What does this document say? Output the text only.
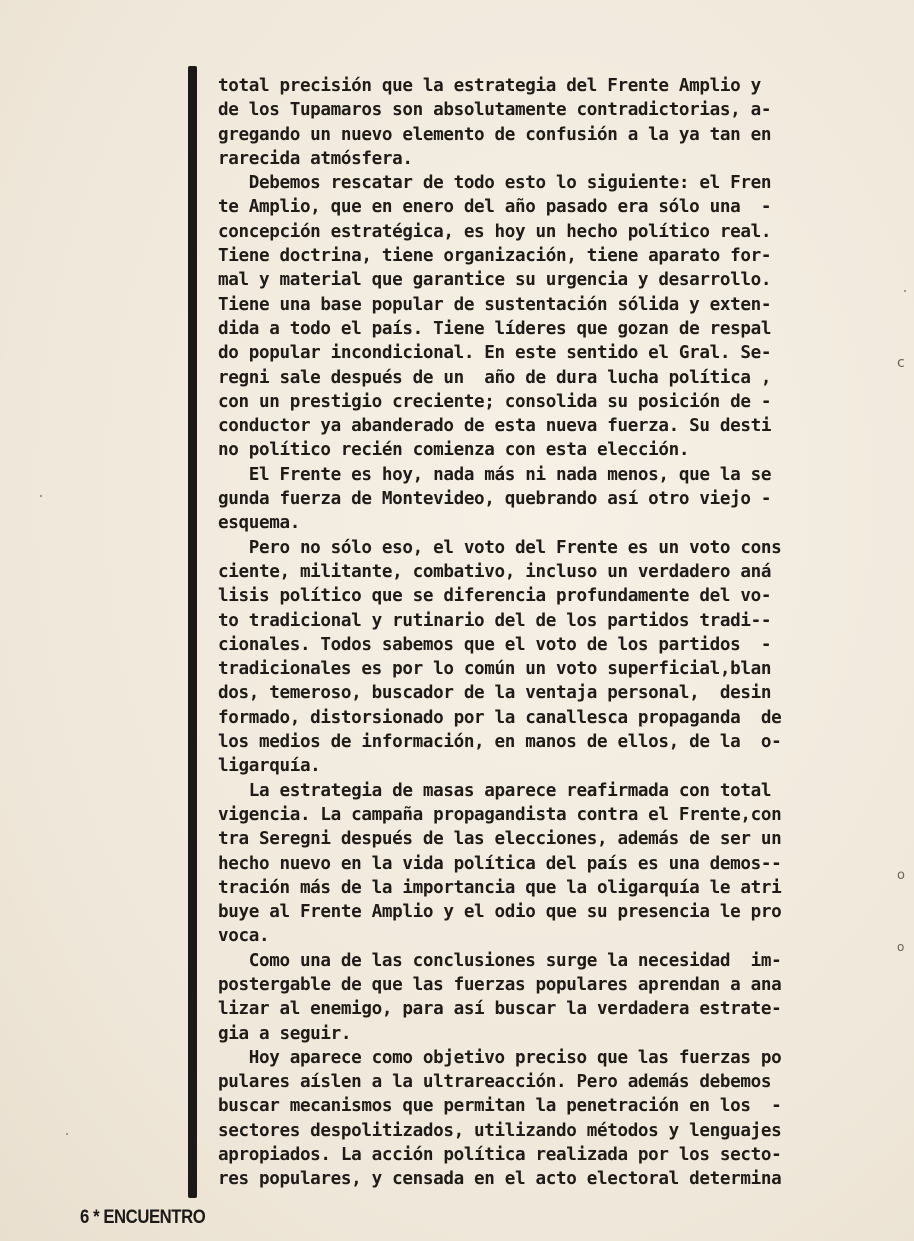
total precisión que la estrategia del Frente Amplio y
de los Tupamaros son absolutamente contradictorias, a-
gregando un nuevo elemento de confusión a la ya tan en
rarecida atmósfera.
Debemos rescatar de todo esto lo siguiente: el Fren
te Amplio, que en enero del año pasado era sólo una  -
concepción estratégica, es hoy un hecho político real.
Tiene doctrina, tiene organización, tiene aparato for-
mal y material que garantice su urgencia y desarrollo.
Tiene una base popular de sustentación sólida y exten-
dida a todo el país. Tiene líderes que gozan de respal
do popular incondicional. En este sentido el Gral. Se-
regni sale después de un  año de dura lucha política ,
con un prestigio creciente; consolida su posición de -
conductor ya abanderado de esta nueva fuerza. Su desti
no político recién comienza con esta elección.
El Frente es hoy, nada más ni nada menos, que la se
gunda fuerza de Montevideo, quebrando así otro viejo -
esquema.
Pero no sólo eso, el voto del Frente es un voto cons
ciente, militante, combativo, incluso un verdadero aná
lisis político que se diferencia profundamente del vo-
to tradicional y rutinario del de los partidos tradi--
cionales. Todos sabemos que el voto de los partidos  -
tradicionales es por lo común un voto superficial,blan
dos, temeroso, buscador de la ventaja personal,  desin
formado, distorsionado por la canallesca propaganda  de
los medios de información, en manos de ellos, de la  o-
ligarquía.
La estrategia de masas aparece reafirmada con total
vigencia. La campaña propagandista contra el Frente,con
tra Seregni después de las elecciones, además de ser un
hecho nuevo en la vida política del país es una demos--
tración más de la importancia que la oligarquía le atri
buye al Frente Amplio y el odio que su presencia le pro
voca.
Como una de las conclusiones surge la necesidad  im-
postergable de que las fuerzas populares aprendan a ana
lizar al enemigo, para así buscar la verdadera estrate-
gia a seguir.
Hoy aparece como objetivo preciso que las fuerzas po
pulares aíslen a la ultrareacción. Pero además debemos
buscar mecanismos que permitan la penetración en los  -
sectores despolitizados, utilizando métodos y lenguajes
apropiados. La acción política realizada por los secto-
res populares, y censada en el acto electoral determina
6 * ENCUENTRO
c
o
o
